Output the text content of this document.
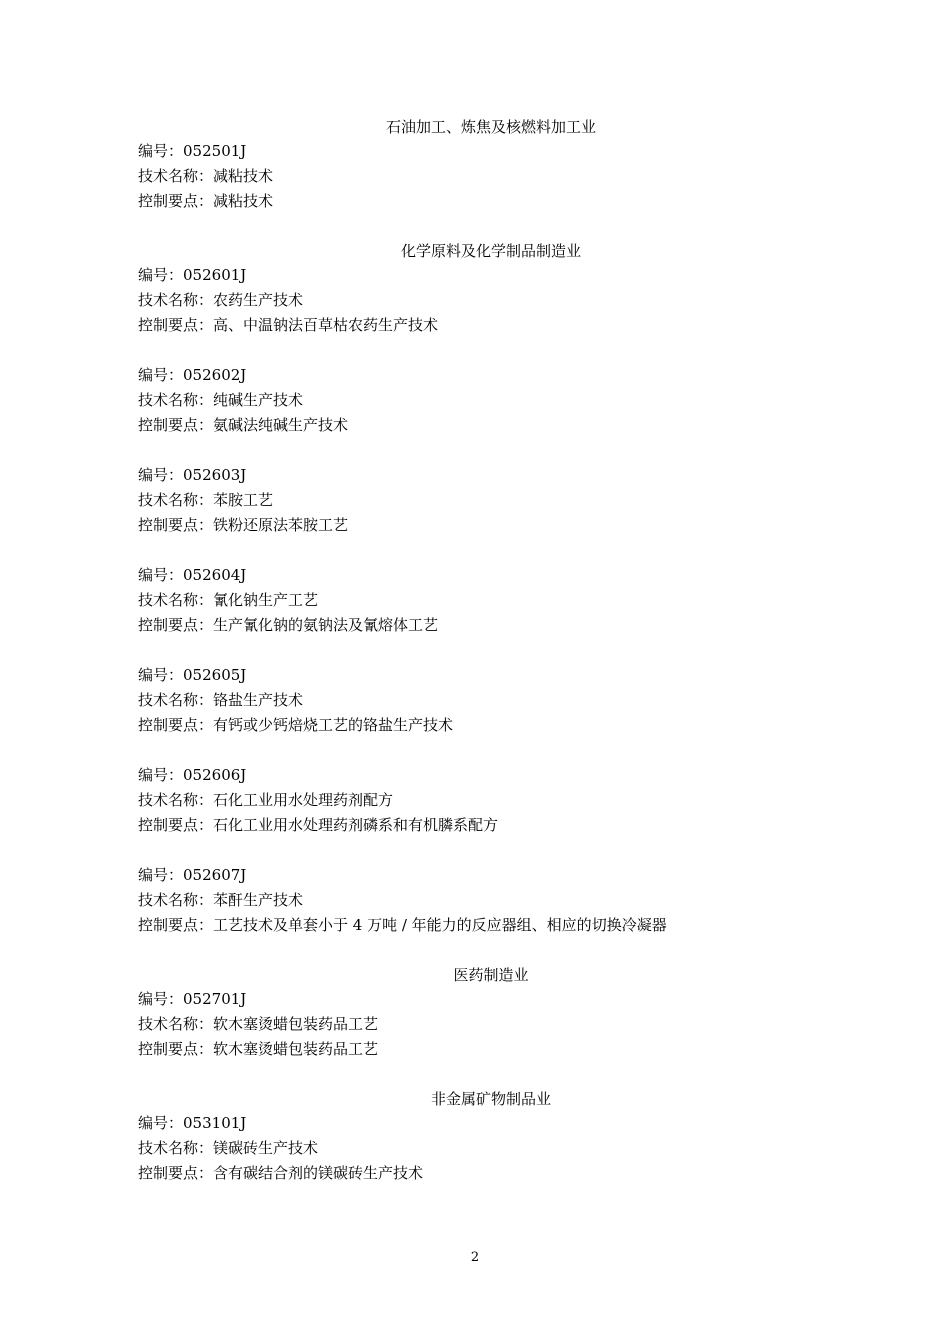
石油加工、炼焦及核燃料加工业
编号：052501J
技术名称：减粘技术
控制要点：减粘技术
化学原料及化学制品制造业
编号：052601J
技术名称：农药生产技术
控制要点：高、中温钠法百草枯农药生产技术
编号：052602J
技术名称：纯碱生产技术
控制要点：氨碱法纯碱生产技术
编号：052603J
技术名称：苯胺工艺
控制要点：铁粉还原法苯胺工艺
编号：052604J
技术名称：氰化钠生产工艺
控制要点：生产氰化钠的氨钠法及氰熔体工艺
编号：052605J
技术名称：铬盐生产技术
控制要点：有钙或少钙焙烧工艺的铬盐生产技术
编号：052606J
技术名称：石化工业用水处理药剂配方
控制要点：石化工业用水处理药剂磷系和有机膦系配方
编号：052607J
技术名称：苯酐生产技术
控制要点：工艺技术及单套小于 4 万吨 / 年能力的反应器组、相应的切换冷凝器
医药制造业
编号：052701J
技术名称：软木塞烫蜡包装药品工艺
控制要点：软木塞烫蜡包装药品工艺
非金属矿物制品业
编号：053101J
技术名称：镁碳砖生产技术
控制要点：含有碳结合剂的镁碳砖生产技术
2
